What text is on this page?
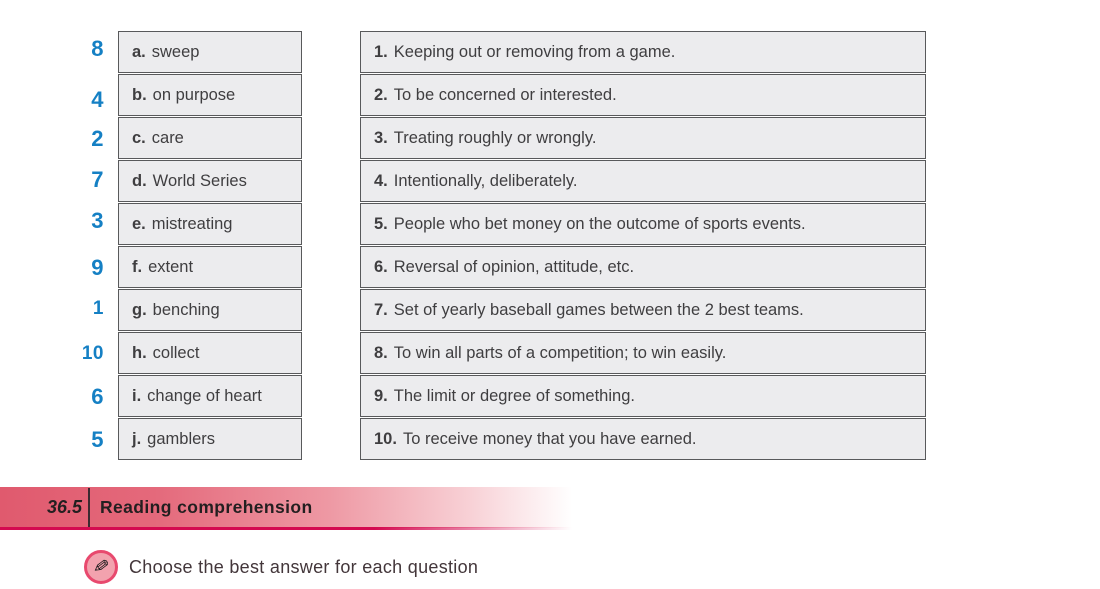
8
4
2
7
3
9
1
10
6
5
a. sweep
b. on purpose
c. care
d. World Series
e. mistreating
f. extent
g. benching
h. collect
i. change of heart
j. gamblers
1. Keeping out or removing from a game.
2. To be concerned or interested.
3. Treating roughly or wrongly.
4. Intentionally, deliberately.
5. People who bet money on the outcome of sports events.
6. Reversal of opinion, attitude, etc.
7. Set of yearly baseball games between the 2 best teams.
8. To win all parts of a competition; to win easily.
9. The limit or degree of something.
10. To receive money that you have earned.
36.5 Reading comprehension
✎ Choose the best answer for each question
